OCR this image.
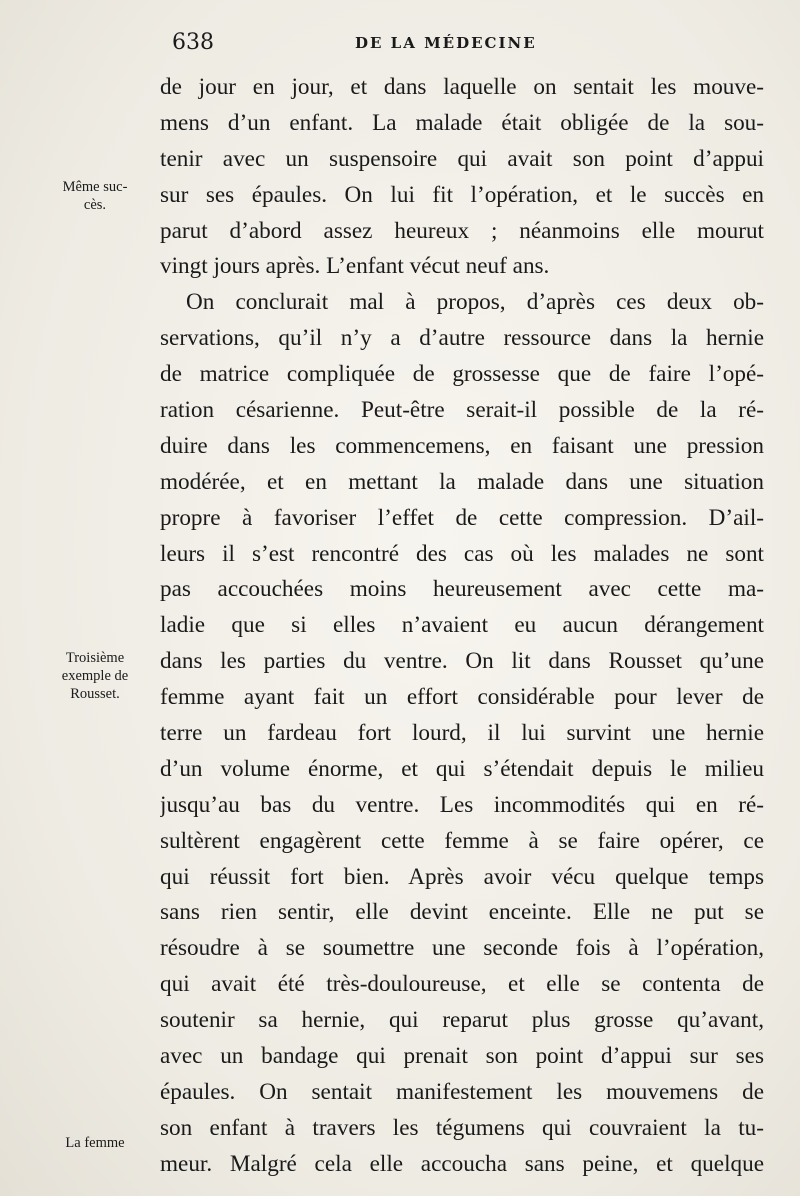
638	DE LA MÉDECINE
Même suc-
cès.
Troisième
exemple de
Rousset.
La femme
de jour en jour, et dans laquelle on sentait les mouve-
mens d’un enfant. La malade était obligée de la sou-
tenir avec un suspensoire qui avait son point d’appui
sur ses épaules. On lui fit l’opération, et le succès en
parut d’abord assez heureux ; néanmoins elle mourut
vingt jours après. L’enfant vécut neuf ans.
On conclurait mal à propos, d’après ces deux ob-
servations, qu’il n’y a d’autre ressource dans la hernie
de matrice compliquée de grossesse que de faire l’opé-
ration césarienne. Peut-être serait-il possible de la ré-
duire dans les commencemens, en faisant une pression
modérée, et en mettant la malade dans une situation
propre à favoriser l’effet de cette compression. D’ail-
leurs il s’est rencontré des cas où les malades ne sont
pas accouchées moins heureusement avec cette ma-
ladie que si elles n’avaient eu aucun dérangement
dans les parties du ventre. On lit dans Rousset qu’une
femme ayant fait un effort considérable pour lever de
terre un fardeau fort lourd, il lui survint une hernie
d’un volume énorme, et qui s’étendait depuis le milieu
jusqu’au bas du ventre. Les incommodités qui en ré-
sultèrent engagèrent cette femme à se faire opérer, ce
qui réussit fort bien. Après avoir vécu quelque temps
sans rien sentir, elle devint enceinte. Elle ne put se
résoudre à se soumettre une seconde fois à l’opération,
qui avait été très-douloureuse, et elle se contenta de
soutenir sa hernie, qui reparut plus grosse qu’avant,
avec un bandage qui prenait son point d’appui sur ses
épaules. On sentait manifestement les mouvemens de
son enfant à travers les tégumens qui couvraient la tu-
meur. Malgré cela elle accoucha sans peine, et quelque
